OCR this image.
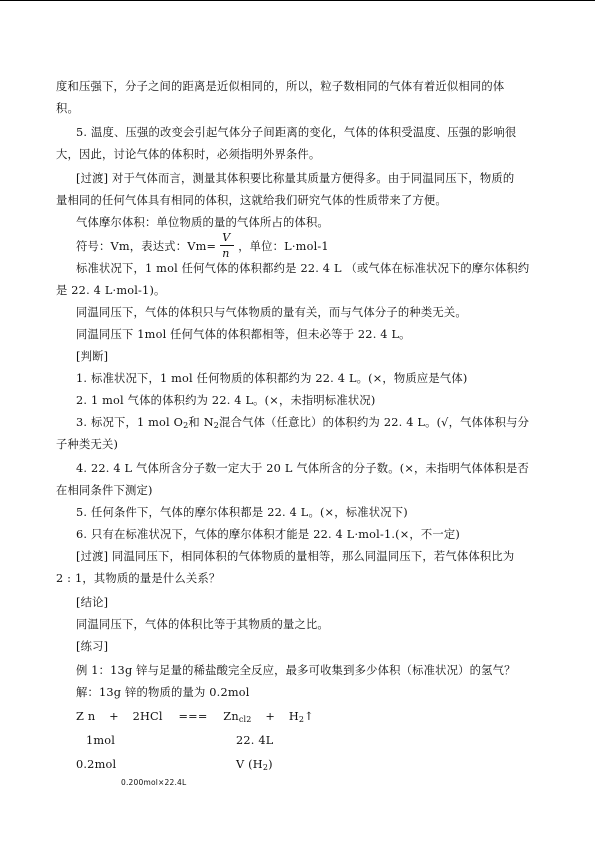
度和压强下，分子之间的距离是近似相同的，所以，粒子数相同的气体有着近似相同的体
积。
5. 温度、压强的改变会引起气体分子间距离的变化，气体的体积受温度、压强的影响很
大，因此，讨论气体的体积时，必须指明外界条件。
[过渡] 对于气体而言，测量其体积要比称量其质量方便得多。由于同温同压下，物质的
量相同的任何气体具有相同的体积，这就给我们研究气体的性质带来了方便。
气体摩尔体积：单位物质的量的气体所占的体积。
符号：Vm，表达式：$Vm= \frac{V}{n}$ ，单位：L·mol-1
标准状况下，1 mol 任何气体的体积都约是 22. 4 L （或气体在标准状况下的摩尔体积约
是 22. 4 L·mol-1)。
同温同压下，气体的体积只与气体物质的量有关，而与气体分子的种类无关。
同温同压下 1mol 任何气体的体积都相等，但未必等于 22. 4 L。
[判断]
1. 标准状况下，1 mol 任何物质的体积都约为 22. 4 L。(×，物质应是气体)
2. 1 mol 气体的体积约为 22. 4 L。(×，未指明标准状况)
3. 标况下，1 mol $O_2$和 $N_2$混合气体（任意比）的体积约为 22. 4 L。(√，气体体积与分
子种类无关)
4. 22. 4 L 气体所含分子数一定大于 20 L 气体所含的分子数。(×，未指明气体体积是否
在相同条件下测定)
5. 任何条件下，气体的摩尔体积都是 22. 4 L。(×，标准状况下)
6. 只有在标准状况下，气体的摩尔体积才能是 22. 4 L·mol-1.(×，不一定)
[过渡] 同温同压下，相同体积的气体物质的量相等，那么同温同压下，若气体体积比为
2 : 1，其物质的量是什么关系？
[结论]
同温同压下，气体的体积比等于其物质的量之比。
[练习]
例 1：13g 锌与足量的稀盐酸完全反应，最多可收集到多少体积（标准状况）的氢气？
解：13g 锌的物质的量为 0.2mol
Z n + 2HCl === Zncl2 + H2↑
1mol	22. 4L
0.2mol	V $(H_2)$
0.200mol×22.4L
